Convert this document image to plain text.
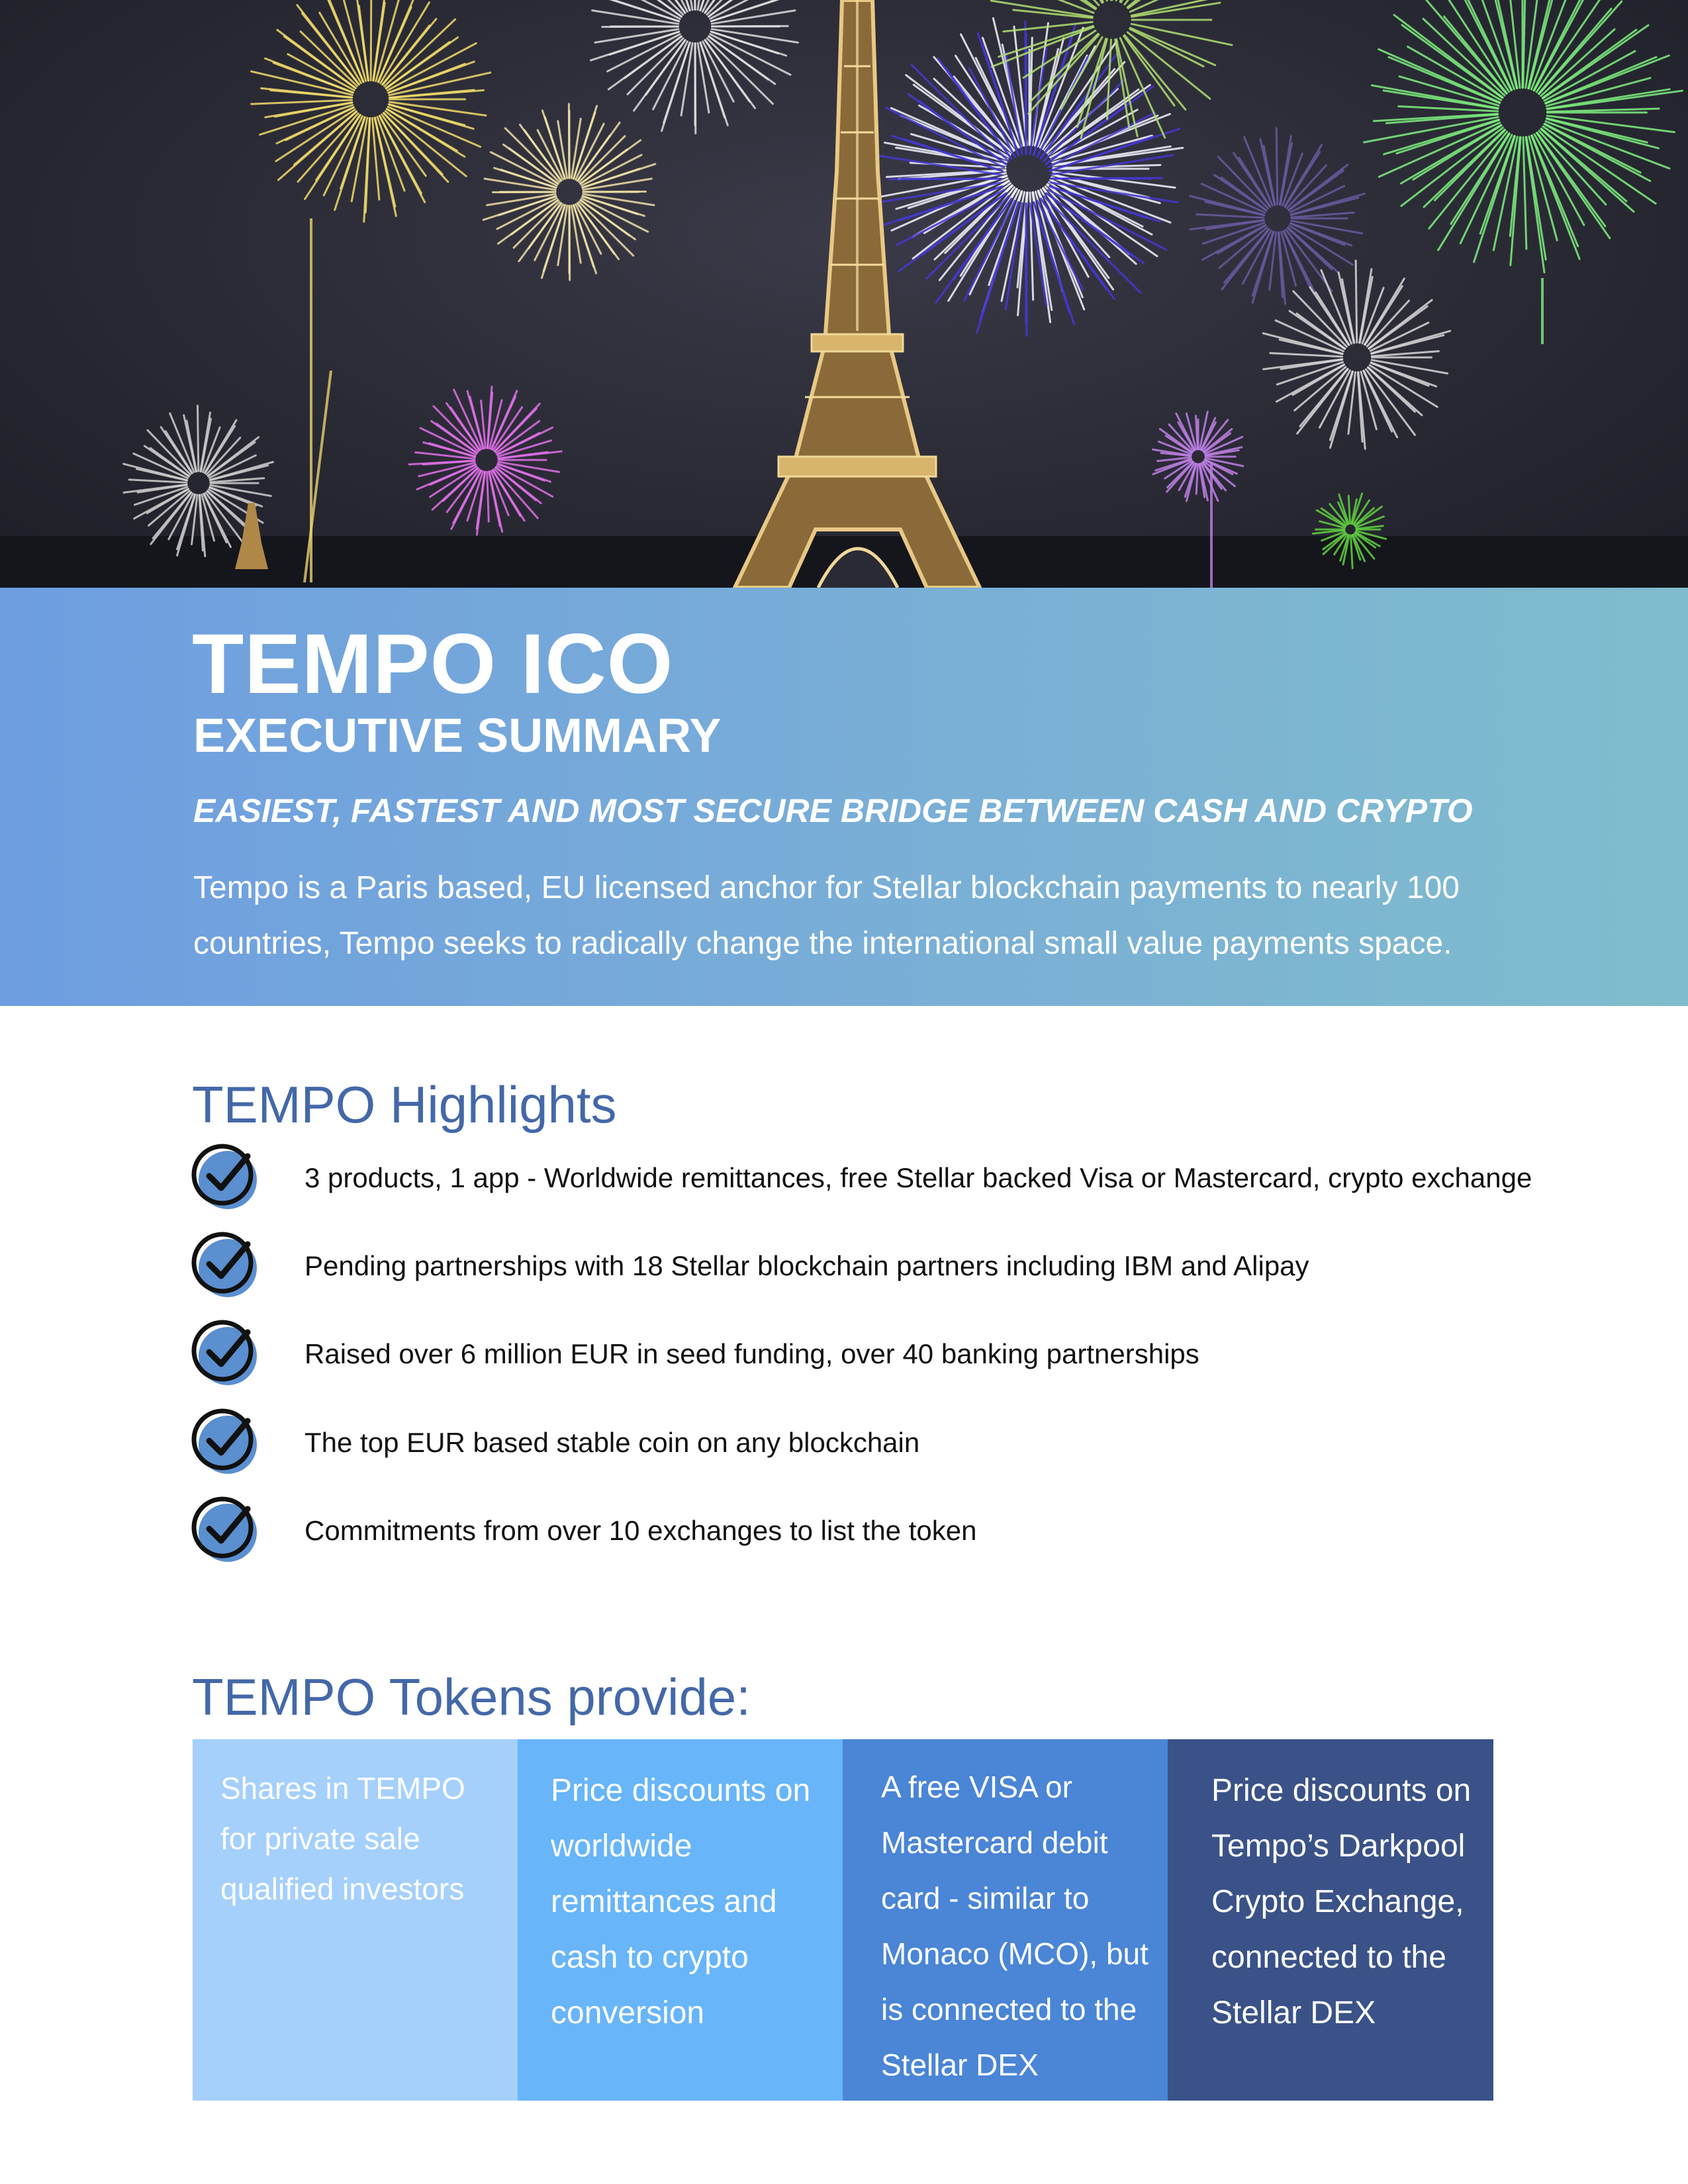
TEMPO ICO
EXECUTIVE SUMMARY
EASIEST, FASTEST AND MOST SECURE BRIDGE BETWEEN CASH AND CRYPTO
Tempo is a Paris based, EU licensed anchor for Stellar blockchain payments to nearly 100 countries, Tempo seeks to radically change the international small value payments space.
TEMPO Highlights
3 products, 1 app - Worldwide remittances, free Stellar backed Visa or Mastercard, crypto exchange
Pending partnerships with 18 Stellar blockchain partners including IBM and Alipay
Raised over 6 million EUR in seed funding, over 40 banking partnerships
The top EUR based stable coin on any blockchain
Commitments from over 10 exchanges to list the token
TEMPO Tokens provide:
Shares in TEMPO for private sale qualified investors
Price discounts on worldwide remittances and cash to crypto conversion
A free VISA or Mastercard debit card - similar to Monaco (MCO), but is connected to the Stellar DEX
Price discounts on Tempo’s Darkpool Crypto Exchange, connected to the Stellar DEX
